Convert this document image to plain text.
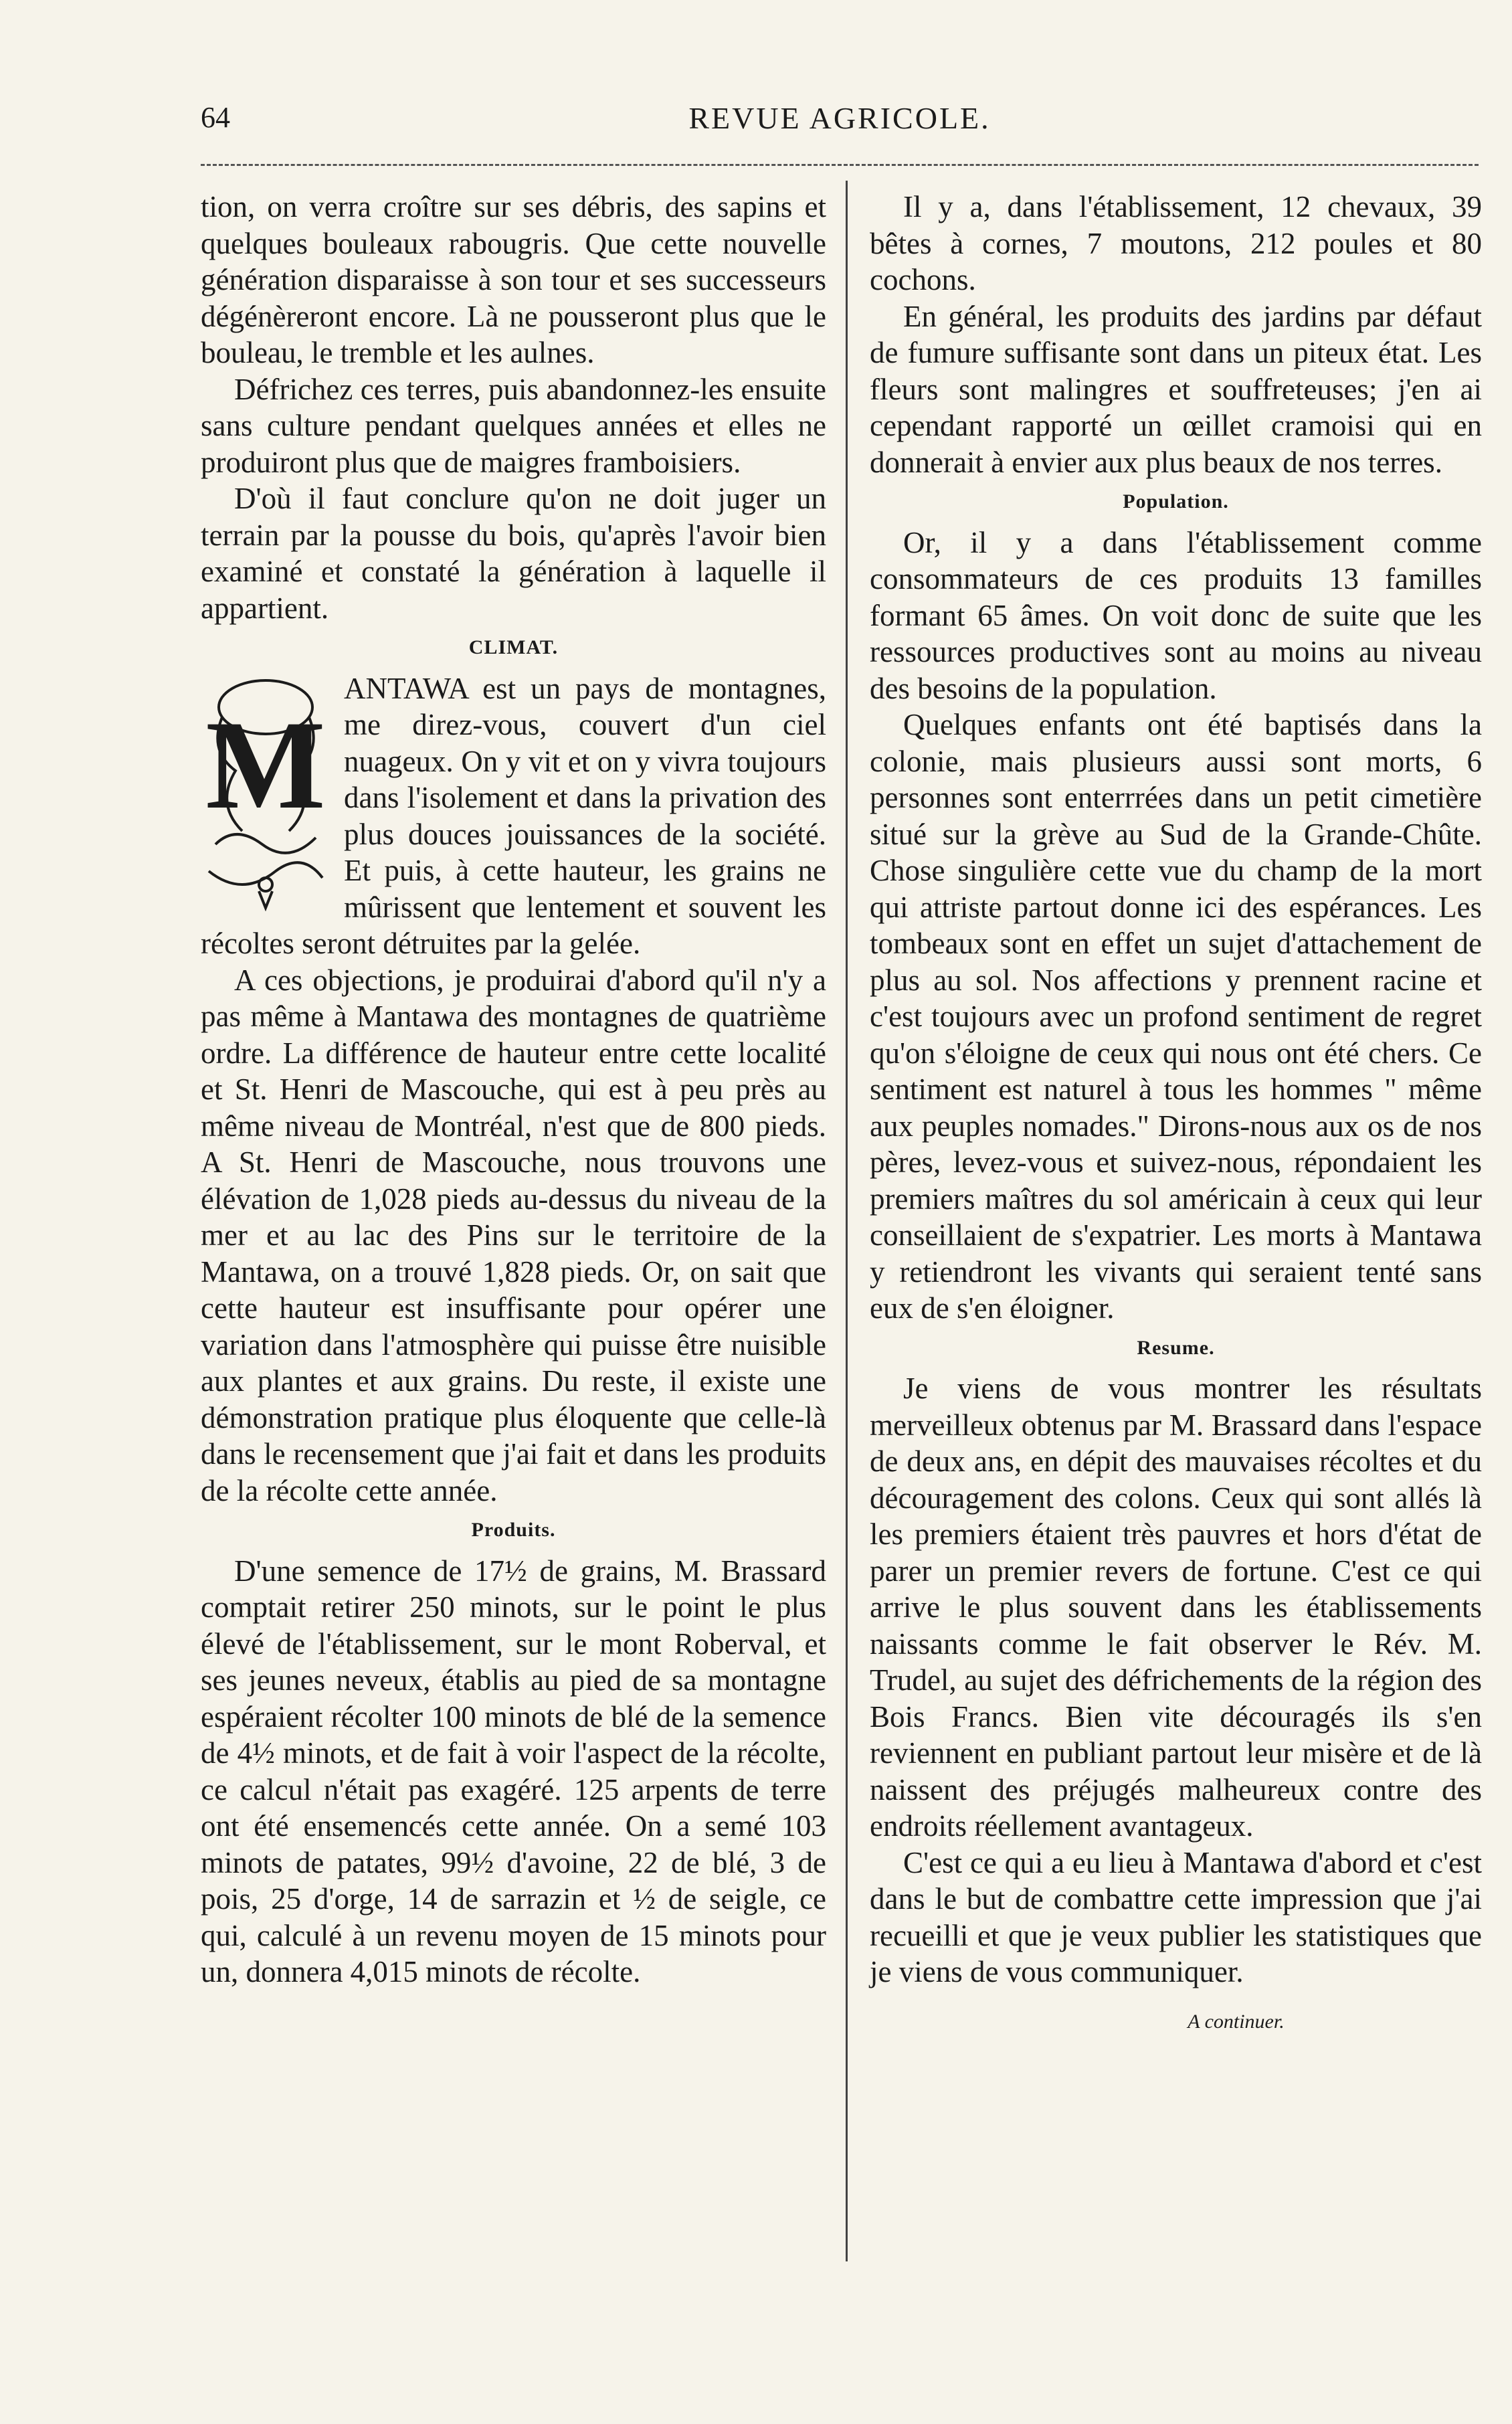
64	REVUE AGRICOLE.

tion, on verra croître sur ses débris, des sapins et quelques bouleaux rabougris. Que cette nouvelle génération disparaisse à son tour et ses successeurs dégénèreront encore. Là ne pousseront plus que le bouleau, le tremble et les aulnes.

Défrichez ces terres, puis abandonnez-les ensuite sans culture pendant quelques années et elles ne produiront plus que de maigres framboisiers.

D'où il faut conclure qu'on ne doit juger un terrain par la pousse du bois, qu'après l'avoir bien examiné et constaté la génération à laquelle il appartient.

CLIMAT.
M

ANTAWA est un pays de montagnes, me direz-vous, couvert d'un ciel nuageux. On y vit et on y vivra toujours dans l'isolement et dans la privation des plus douces jouissances de la société. Et puis, à cette hauteur, les grains ne mûrissent que lentement et souvent les récoltes seront détruites par la gelée.

A ces objections, je produirai d'abord qu'il n'y a pas même à Mantawa des montagnes de quatrième ordre. La différence de hauteur entre cette localité et St. Henri de Mascouche, qui est à peu près au même niveau de Montréal, n'est que de 800 pieds. A St. Henri de Mascouche, nous trouvons une élévation de 1,028 pieds au-dessus du niveau de la mer et au lac des Pins sur le territoire de la Mantawa, on a trouvé 1,828 pieds. Or, on sait que cette hauteur est insuffisante pour opérer une variation dans l'atmosphère qui puisse être nuisible aux plantes et aux grains. Du reste, il existe une démonstration pratique plus éloquente que celle-là dans le recensement que j'ai fait et dans les produits de la récolte cette année.

Produits.

D'une semence de 17½ de grains, M. Brassard comptait retirer 250 minots, sur le point le plus élevé de l'établissement, sur le mont Roberval, et ses jeunes neveux, établis au pied de sa montagne espéraient récolter 100 minots de blé de la semence de 4½ minots, et de fait à voir l'aspect de la récolte, ce calcul n'était pas exagéré. 125 arpents de terre ont été ensemencés cette année. On a semé 103 minots de patates, 99½ d'avoine, 22 de blé, 3 de pois, 25 d'orge, 14 de sarrazin et ½ de seigle, ce qui, calculé à un revenu moyen de 15 minots pour un, donnera 4,015 minots de récolte.

Il y a, dans l'établissement, 12 chevaux, 39 bêtes à cornes, 7 moutons, 212 poules et 80 cochons.

En général, les produits des jardins par défaut de fumure suffisante sont dans un piteux état. Les fleurs sont malingres et souffreteuses; j'en ai cependant rapporté un œillet cramoisi qui en donnerait à envier aux plus beaux de nos terres.

Population.

Or, il y a dans l'établissement comme consommateurs de ces produits 13 familles formant 65 âmes. On voit donc de suite que les ressources productives sont au moins au niveau des besoins de la population.

Quelques enfants ont été baptisés dans la colonie, mais plusieurs aussi sont morts, 6 personnes sont enterrrées dans un petit cimetière situé sur la grève au Sud de la Grande-Chûte. Chose singulière cette vue du champ de la mort qui attriste partout donne ici des espérances. Les tombeaux sont en effet un sujet d'attachement de plus au sol. Nos affections y prennent racine et c'est toujours avec un profond sentiment de regret qu'on s'éloigne de ceux qui nous ont été chers. Ce sentiment est naturel à tous les hommes " même aux peuples nomades." Dirons-nous aux os de nos pères, levez-vous et suivez-nous, répondaient les premiers maîtres du sol américain à ceux qui leur conseillaient de s'expatrier. Les morts à Mantawa y retiendront les vivants qui seraient tenté sans eux de s'en éloigner.

Resume.

Je viens de vous montrer les résultats merveilleux obtenus par M. Brassard dans l'espace de deux ans, en dépit des mauvaises récoltes et du découragement des colons. Ceux qui sont allés là les premiers étaient très pauvres et hors d'état de parer un premier revers de fortune. C'est ce qui arrive le plus souvent dans les établissements naissants comme le fait observer le Rév. M. Trudel, au sujet des défrichements de la région des Bois Francs. Bien vite découragés ils s'en reviennent en publiant partout leur misère et de là naissent des préjugés malheureux contre des endroits réellement avantageux.

C'est ce qui a eu lieu à Mantawa d'abord et c'est dans le but de combattre cette impression que j'ai recueilli et que je veux publier les statistiques que je viens de vous communiquer.

A continuer.
